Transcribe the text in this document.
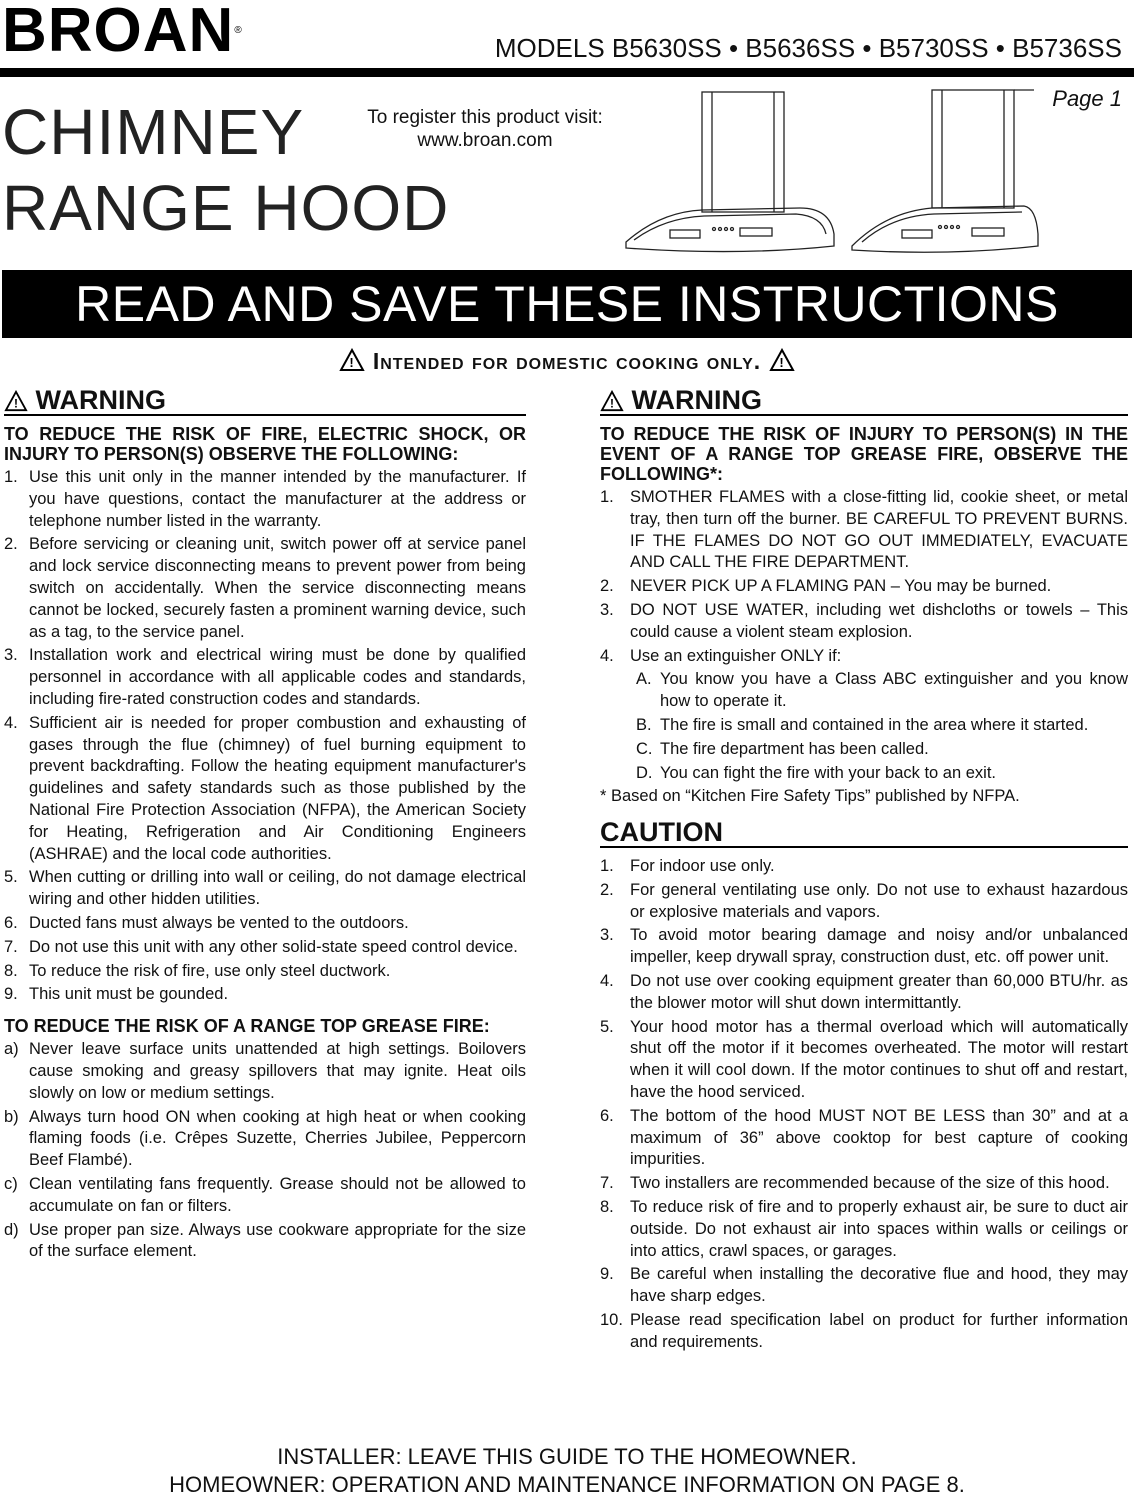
BROAN®
MODELS B5630SS • B5636SS • B5730SS • B5736SS
CHIMNEY
RANGE HOOD
To register this product visit:
www.broan.com
Page 1
READ AND SAVE THESE INSTRUCTIONS
! Intended for domestic cooking only. !
! WARNING
TO REDUCE THE RISK OF FIRE, ELECTRIC SHOCK, OR INJURY TO PERSON(S) OBSERVE THE FOLLOWING:
1. Use this unit only in the manner intended by the manufacturer. If you have questions, contact the manufacturer at the address or telephone number listed in the warranty.
2. Before servicing or cleaning unit, switch power off at service panel and lock service disconnecting means to prevent power from being switch on accidentally. When the service disconnecting means cannot be locked, securely fasten a prominent warning device, such as a tag, to the service panel.
3. Installation work and electrical wiring must be done by qualified personnel in accordance with all applicable codes and standards, including fire-rated construction codes and standards.
4. Sufficient air is needed for proper combustion and exhausting of gases through the flue (chimney) of fuel burning equipment to prevent backdrafting. Follow the heating equipment manufacturer's guidelines and safety standards such as those published by the National Fire Protection Association (NFPA), the American Society for Heating, Refrigeration and Air Conditioning Engineers (ASHRAE) and the local code authorities.
5. When cutting or drilling into wall or ceiling, do not damage electrical wiring and other hidden utilities.
6. Ducted fans must always be vented to the outdoors.
7. Do not use this unit with any other solid-state speed control device.
8. To reduce the risk of fire, use only steel ductwork.
9. This unit must be gounded.
TO REDUCE THE RISK OF A RANGE TOP GREASE FIRE:
a) Never leave surface units unattended at high settings. Boilovers cause smoking and greasy spillovers that may ignite. Heat oils slowly on low or medium settings.
b) Always turn hood ON when cooking at high heat or when cooking flaming foods (i.e. Crêpes Suzette, Cherries Jubilee, Peppercorn Beef Flambé).
c) Clean ventilating fans frequently. Grease should not be allowed to accumulate on fan or filters.
d) Use proper pan size. Always use cookware appropriate for the size of the surface element.
! WARNING
TO REDUCE THE RISK OF INJURY TO PERSON(S) IN THE EVENT OF A RANGE TOP GREASE FIRE, OBSERVE THE FOLLOWING*:
1. SMOTHER FLAMES with a close-fitting lid, cookie sheet, or metal tray, then turn off the burner. BE CAREFUL TO PREVENT BURNS. IF THE FLAMES DO NOT GO OUT IMMEDIATELY, EVACUATE AND CALL THE FIRE DEPARTMENT.
2. NEVER PICK UP A FLAMING PAN – You may be burned.
3. DO NOT USE WATER, including wet dishcloths or towels – This could cause a violent steam explosion.
4. Use an extinguisher ONLY if:
A. You know you have a Class ABC extinguisher and you know how to operate it.
B. The fire is small and contained in the area where it started.
C. The fire department has been called.
D. You can fight the fire with your back to an exit.
* Based on “Kitchen Fire Safety Tips” published by NFPA.
CAUTION
1. For indoor use only.
2. For general ventilating use only. Do not use to exhaust hazardous or explosive materials and vapors.
3. To avoid motor bearing damage and noisy and/or unbalanced impeller, keep drywall spray, construction dust, etc. off power unit.
4. Do not use over cooking equipment greater than 60,000 BTU/hr. as the blower motor will shut down intermittantly.
5. Your hood motor has a thermal overload which will automatically shut off the motor if it becomes overheated. The motor will restart when it will cool down. If the motor continues to shut off and restart, have the hood serviced.
6. The bottom of the hood MUST NOT BE LESS than 30” and at a maximum of 36” above cooktop for best capture of cooking impurities.
7. Two installers are recommended because of the size of this hood.
8. To reduce risk of fire and to properly exhaust air, be sure to duct air outside. Do not exhaust air into spaces within walls or ceilings or into attics, crawl spaces, or garages.
9. Be careful when installing the decorative flue and hood, they may have sharp edges.
10. Please read specification label on product for further information and requirements.
INSTALLER: LEAVE THIS GUIDE TO THE HOMEOWNER.
HOMEOWNER: OPERATION AND MAINTENANCE INFORMATION ON PAGE 8.
